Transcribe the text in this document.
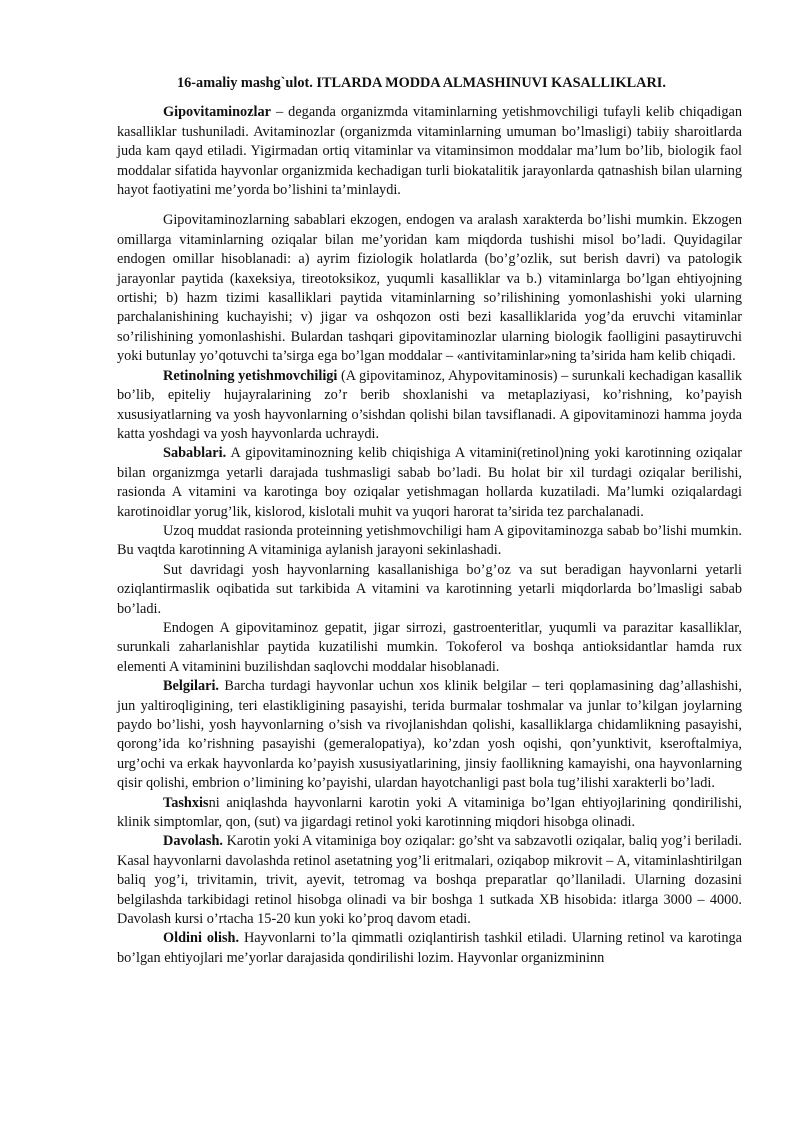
16-amaliy mashg`ulot. ITLARDA MODDA ALMASHINUVI KASALLIKLARI.

Gipovitaminozlar – deganda organizmda vitaminlarning yetishmovchiligi tufayli kelib chiqadigan kasalliklar tushuniladi. Avitaminozlar (organizmda vitaminlarning umuman bo’lmasligi) tabiiy sharoitlarda juda kam qayd etiladi. Yigirmadan ortiq vitaminlar va vitaminsimon moddalar ma’lum bo’lib, biologik faol moddalar sifatida hayvonlar organizmida kechadigan turli biokatalitik jarayonlarda qatnashish bilan ularning hayot faotiyatini me’yorda bo’lishini ta’minlaydi.

Gipovitaminozlarning sabablari ekzogen, endogen va aralash xarakterda bo’lishi mumkin. Ekzogen omillarga vitaminlarning oziqalar bilan me’yoridan kam miqdorda tushishi misol bo’ladi. Quyidagilar endogen omillar hisoblanadi: a) ayrim fiziologik holatlarda (bo’g’ozlik, sut berish davri) va patologik jarayonlar paytida (kaxeksiya, tireotoksikoz, yuqumli kasalliklar va b.) vitaminlarga bo’lgan ehtiyojning ortishi; b) hazm tizimi kasalliklari paytida vitaminlarning so’rilishining yomonlashishi yoki ularning parchalanishining kuchayishi; v) jigar va oshqozon osti bezi kasalliklarida yog’da eruvchi vitaminlar so’rilishining yomonlashishi. Bulardan tashqari gipovitaminozlar ularning biologik faolligini pasaytiruvchi yoki butunlay yo’qotuvchi ta’sirga ega bo’lgan moddalar – «antivitaminlar»ning ta’sirida ham kelib chiqadi.

Retinolning yetishmovchiligi (A gipovitaminoz, Ahypovitaminosis) – surunkali kechadigan kasallik bo’lib, epiteliy hujayralarining zo’r berib shoxlanishi va metaplaziyasi, ko’rishning, ko’payish xususiyatlarning va yosh hayvonlarning o’sishdan qolishi bilan tavsiflanadi. A gipovitaminozi hamma joyda katta yoshdagi va yosh hayvonlarda uchraydi.

Sabablari. A gipovitaminozning kelib chiqishiga A vitamini(retinol)ning yoki karotinning oziqalar bilan organizmga yetarli darajada tushmasligi sabab bo’ladi. Bu holat bir xil turdagi oziqalar berilishi, rasionda A vitamini va karotinga boy oziqalar yetishmagan hollarda kuzatiladi. Ma’lumki oziqalardagi karotinoidlar yorug’lik, kislorod, kislotali muhit va yuqori harorat ta’sirida tez parchalanadi.

Uzoq muddat rasionda proteinning yetishmovchiligi ham A gipovitaminozga sabab bo’lishi mumkin. Bu vaqtda karotinning A vitaminiga aylanish jarayoni sekinlashadi.

Sut davridagi yosh hayvonlarning kasallanishiga bo’g’oz va sut beradigan hayvonlarni yetarli oziqlantirmaslik oqibatida sut tarkibida A vitamini va karotinning yetarli miqdorlarda bo’lmasligi sabab bo’ladi.

Endogen A gipovitaminoz gepatit, jigar sirrozi, gastroenteritlar, yuqumli va parazitar kasalliklar, surunkali zaharlanishlar paytida kuzatilishi mumkin. Tokoferol va boshqa antioksidantlar hamda rux elementi A vitaminini buzilishdan saqlovchi moddalar hisoblanadi.

Belgilari. Barcha turdagi hayvonlar uchun xos klinik belgilar – teri qoplamasining dag’allashishi, jun yaltiroqligining, teri elastikligining pasayishi, terida burmalar toshmalar va junlar to’kilgan joylarning paydo bo’lishi, yosh hayvonlarning o’sish va rivojlanishdan qolishi, kasalliklarga chidamlikning pasayishi, qorong’ida ko’rishning pasayishi (gemeralopatiya), ko’zdan yosh oqishi, qon’yunktivit, kseroftalmiya, urg’ochi va erkak hayvonlarda ko’payish xususiyatlarining, jinsiy faollikning kamayishi, ona hayvonlarning qisir qolishi, embrion o’limining ko’payishi, ulardan hayotchanligi past bola tug’ilishi xarakterli bo’ladi.

Tashxisni aniqlashda hayvonlarni karotin yoki A vitaminiga bo’lgan ehtiyojlarining qondirilishi, klinik simptomlar, qon, (sut) va jigardagi retinol yoki karotinning miqdori hisobga olinadi.

Davolash. Karotin yoki A vitaminiga boy oziqalar: go’sht va sabzavotli oziqalar, baliq yog’i beriladi. Kasal hayvonlarni davolashda retinol asetatning yog’li eritmalari, oziqabop mikrovit – A, vitaminlashtirilgan baliq yog’i, trivitamin, trivit, ayevit, tetromag va boshqa preparatlar qo’llaniladi. Ularning dozasini belgilashda tarkibidagi retinol hisobga olinadi va bir boshga 1 sutkada XB hisobida: itlarga 3000 – 4000. Davolash kursi o’rtacha 15-20 kun yoki ko’proq davom etadi.

Oldini olish. Hayvonlarni to’la qimmatli oziqlantirish tashkil etiladi. Ularning retinol va karotinga bo’lgan ehtiyojlari me’yorlar darajasida qondirilishi lozim. Hayvonlar organizmininn
